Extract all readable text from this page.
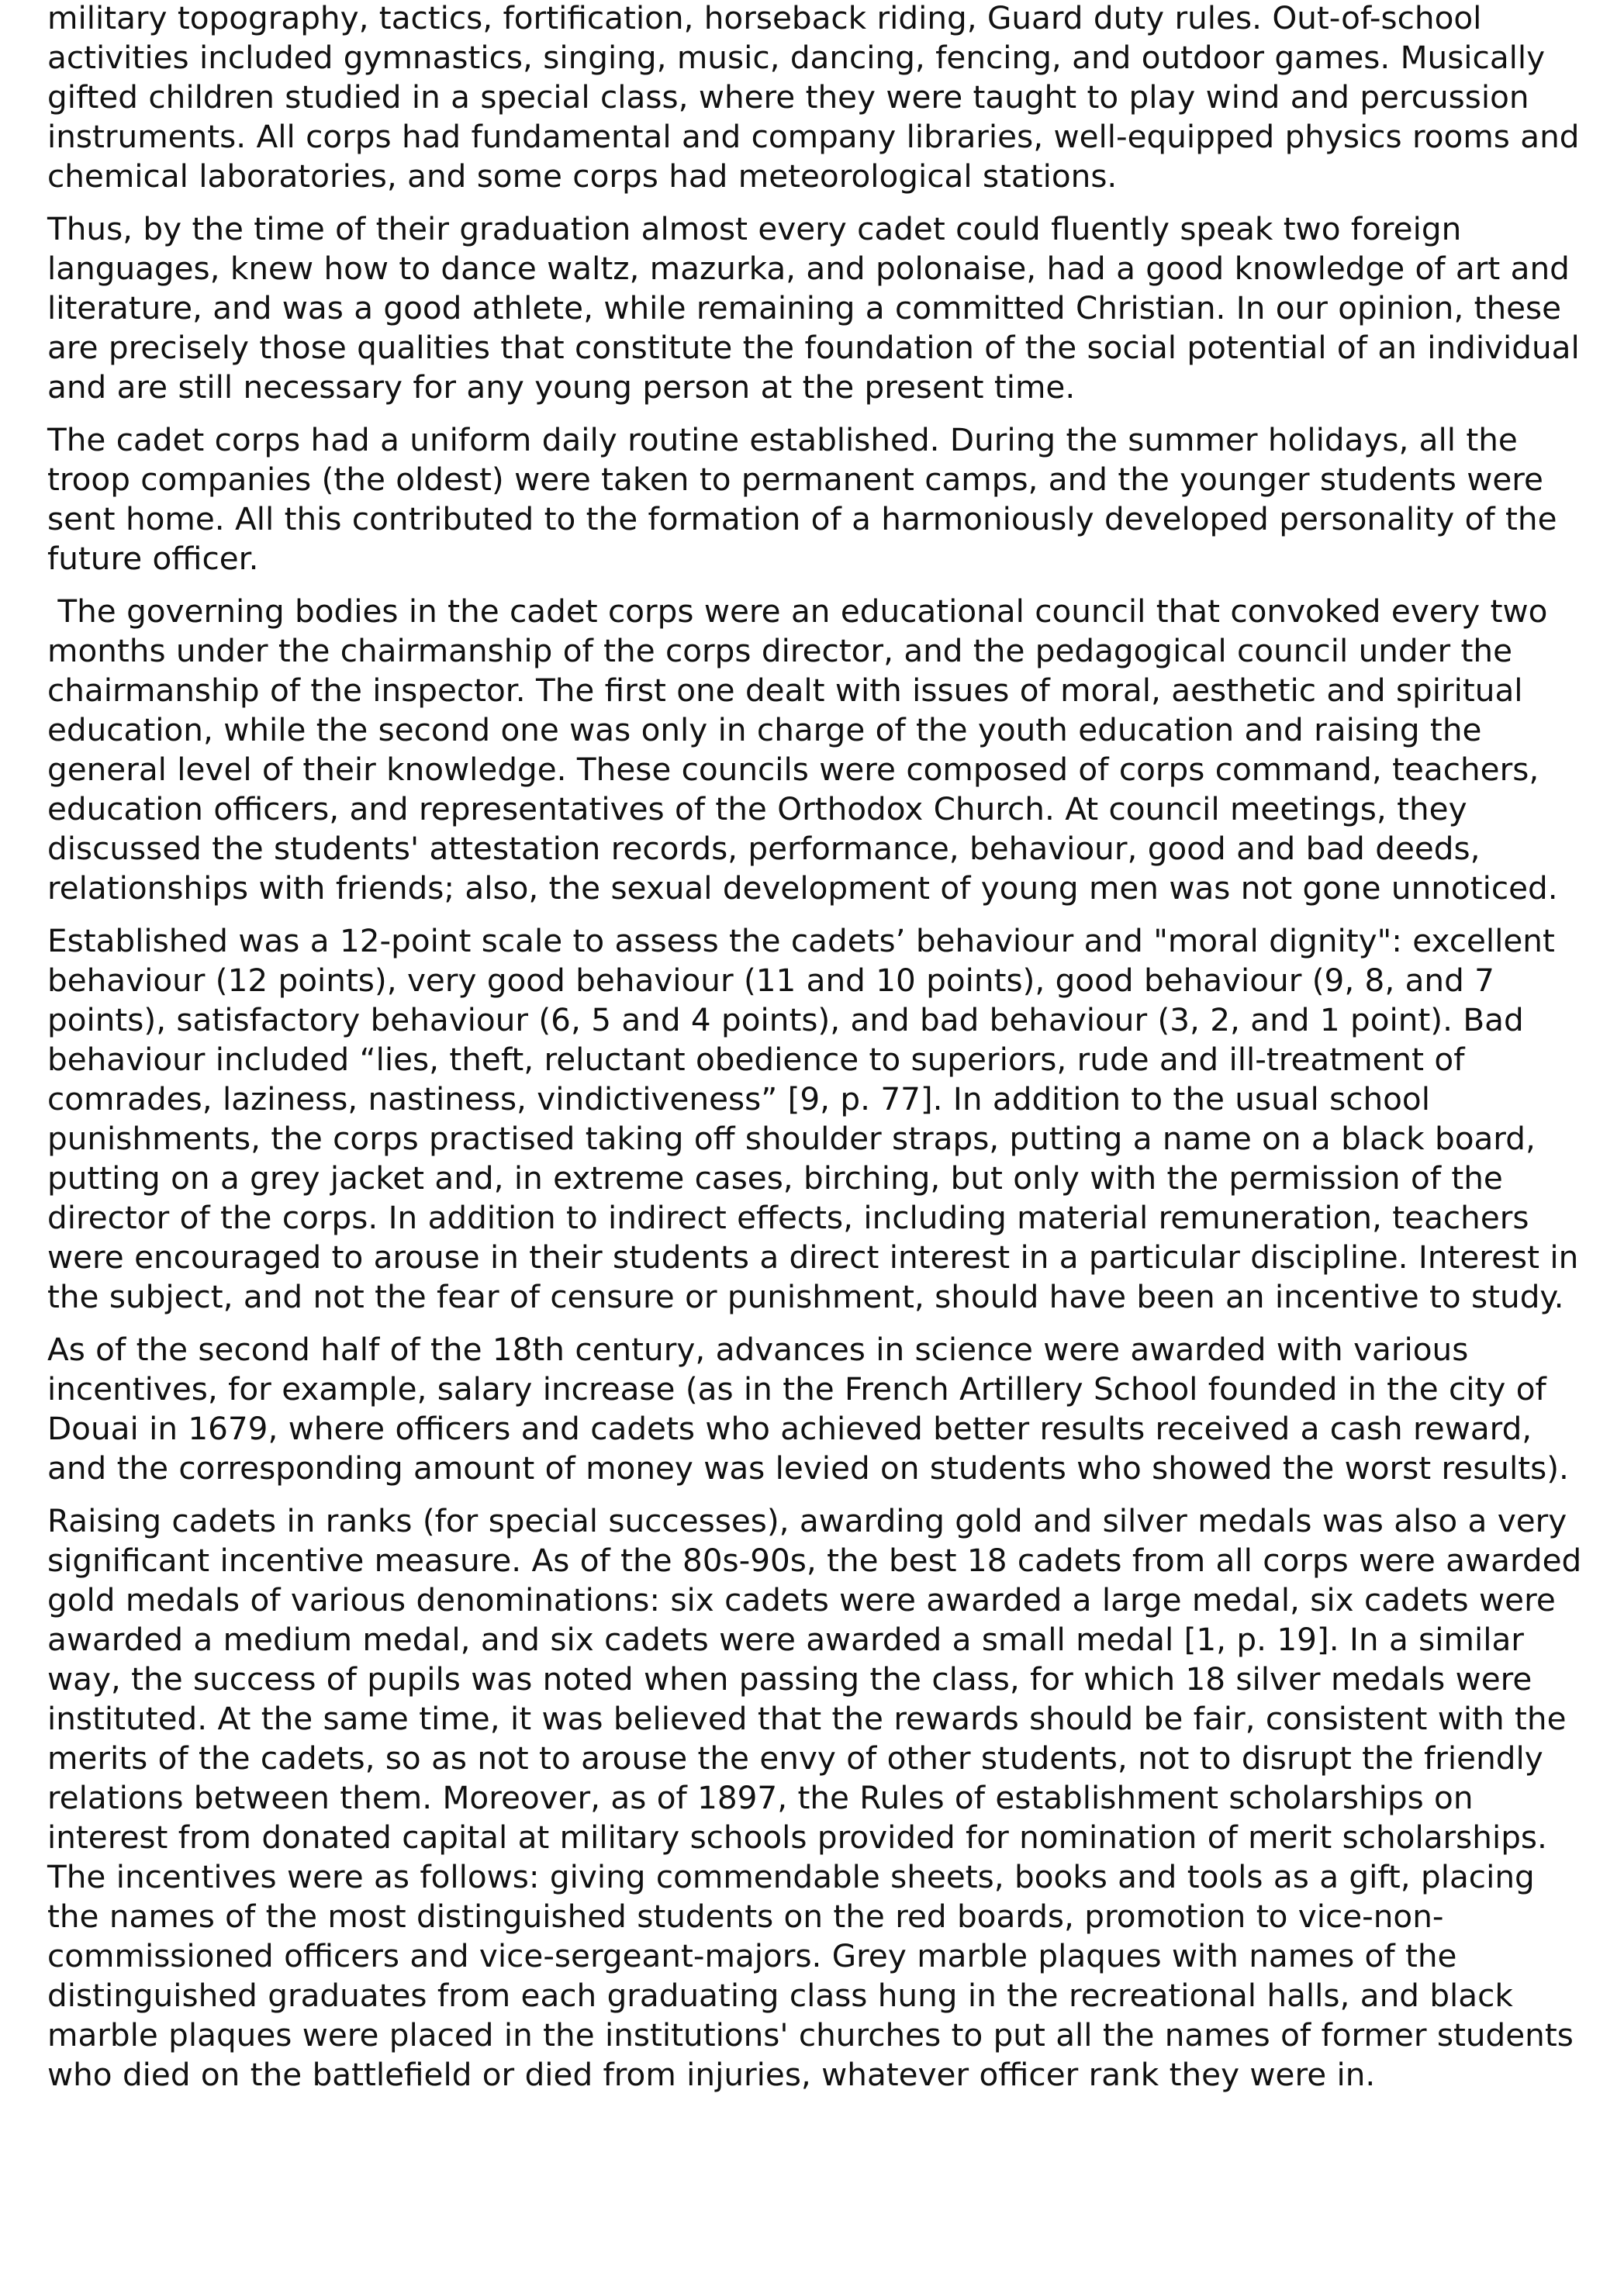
military topography, tactics, fortification, horseback riding, Guard duty rules. Out-of-school activities included gymnastics, singing, music, dancing, fencing, and outdoor games. Musically gifted children studied in a special class, where they were taught to play wind and percussion instruments. All corps had fundamental and company libraries, well-equipped physics rooms and chemical laboratories, and some corps had meteorological stations.

Thus, by the time of their graduation almost every cadet could fluently speak two foreign languages, knew how to dance waltz, mazurka, and polonaise, had a good knowledge of art and literature, and was a good athlete, while remaining a committed Christian. In our opinion, these are precisely those qualities that constitute the foundation of the social potential of an individual and are still necessary for any young person at the present time.

The cadet corps had a uniform daily routine established. During the summer holidays, all the troop companies (the oldest) were taken to permanent camps, and the younger students were sent home. All this contributed to the formation of a harmoniously developed personality of the future officer.

The governing bodies in the cadet corps were an educational council that convoked every two months under the chairmanship of the corps director, and the pedagogical council under the chairmanship of the inspector. The first one dealt with issues of moral, aesthetic and spiritual education, while the second one was only in charge of the youth education and raising the general level of their knowledge. These councils were composed of corps command, teachers, education officers, and representatives of the Orthodox Church. At council meetings, they discussed the students' attestation records, performance, behaviour, good and bad deeds, relationships with friends; also, the sexual development of young men was not gone unnoticed.

Established was a 12-point scale to assess the cadets’ behaviour and "moral dignity": excellent behaviour (12 points), very good behaviour (11 and 10 points), good behaviour (9, 8, and 7 points), satisfactory behaviour (6, 5 and 4 points), and bad behaviour (3, 2, and 1 point). Bad behaviour included “lies, theft, reluctant obedience to superiors, rude and ill-treatment of comrades, laziness, nastiness, vindictiveness” [9, p. 77]. In addition to the usual school punishments, the corps practised taking off shoulder straps, putting a name on a black board, putting on a grey jacket and, in extreme cases, birching, but only with the permission of the director of the corps. In addition to indirect effects, including material remuneration, teachers were encouraged to arouse in their students a direct interest in a particular discipline. Interest in the subject, and not the fear of censure or punishment, should have been an incentive to study.

As of the second half of the 18th century, advances in science were awarded with various incentives, for example, salary increase (as in the French Artillery School founded in the city of Douai in 1679, where officers and cadets who achieved better results received a cash reward, and the corresponding amount of money was levied on students who showed the worst results).

Raising cadets in ranks (for special successes), awarding gold and silver medals was also a very significant incentive measure. As of the 80s-90s, the best 18 cadets from all corps were awarded gold medals of various denominations: six cadets were awarded a large medal, six cadets were awarded a medium medal, and six cadets were awarded a small medal [1, p. 19]. In a similar way, the success of pupils was noted when passing the class, for which 18 silver medals were instituted. At the same time, it was believed that the rewards should be fair, consistent with the merits of the cadets, so as not to arouse the envy of other students, not to disrupt the friendly relations between them. Moreover, as of 1897, the Rules of establishment scholarships on interest from donated capital at military schools provided for nomination of merit scholarships. The incentives were as follows: giving commendable sheets, books and tools as a gift, placing the names of the most distinguished students on the red boards, promotion to vice-non-commissioned officers and vice-sergeant-majors. Grey marble plaques with names of the distinguished graduates from each graduating class hung in the recreational halls, and black marble plaques were placed in the institutions' churches to put all the names of former students who died on the battlefield or died from injuries, whatever officer rank they were in.
